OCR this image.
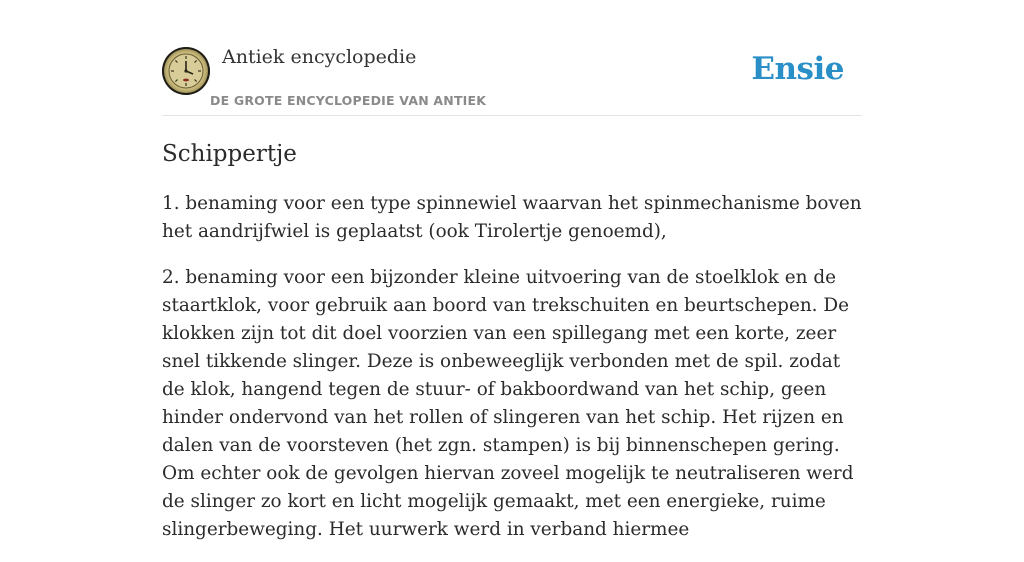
Antiek encyclopedie
DE GROTE ENCYCLOPEDIE VAN ANTIEK
Ensie
Schippertje

1. benaming voor een type spinnewiel waarvan het spinmechanisme boven het aandrijfwiel is geplaatst (ook Tirolertje genoemd),

2. benaming voor een bijzonder kleine uitvoering van de stoelklok en de staartklok, voor gebruik aan boord van trekschuiten en beurtschepen. De klokken zijn tot dit doel voorzien van een spillegang met een korte, zeer snel tikkende slinger. Deze is onbeweeglijk verbonden met de spil. zodat de klok, hangend tegen de stuur- of bakboordwand van het schip, geen hinder ondervond van het rollen of slingeren van het schip. Het rijzen en dalen van de voorsteven (het zgn. stampen) is bij binnenschepen gering. Om echter ook de gevolgen hiervan zoveel mogelijk te neutraliseren werd de slinger zo kort en licht mogelijk gemaakt, met een energieke, ruime slingerbeweging. Het uurwerk werd in verband hiermee
